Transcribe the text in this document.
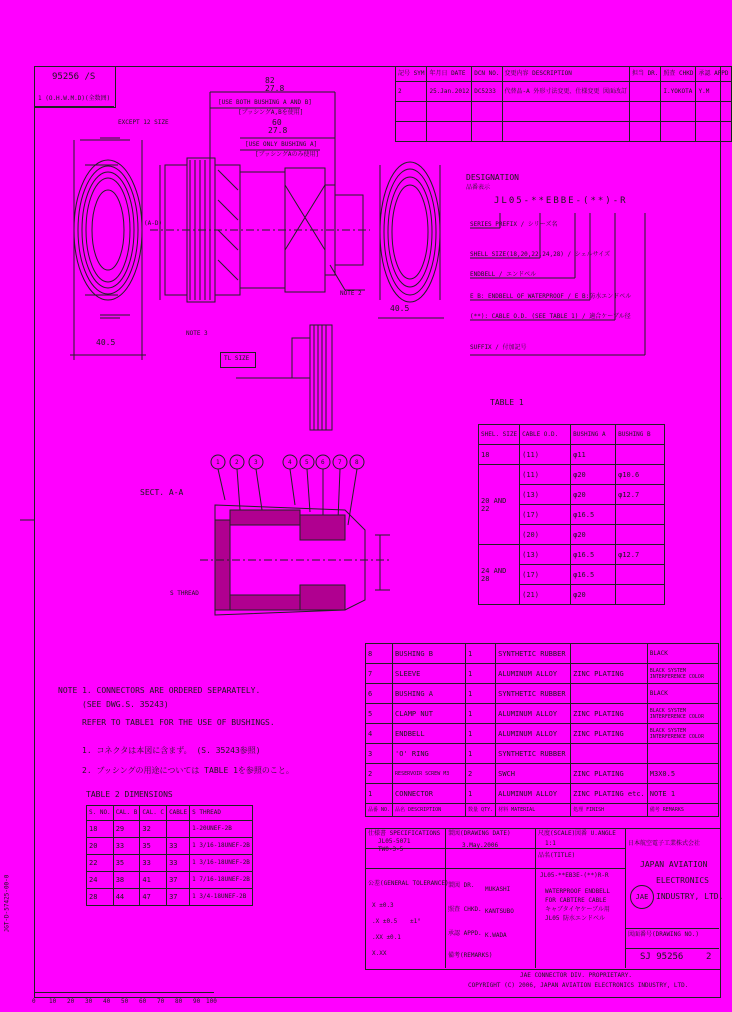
95256 /S
1 (O.H.W.M.D)(全数囲)
記号 SYM	年月日 DATE	DCN NO.	変更内容 DESCRIPTION	担当 DR.	照査 CHKD	承認 APPD
2	25.Jan.2012	DC5233	代替品-A 外形寸法変更、仕様変更 図面改訂		I.YOKOTA	Y.M

82
27.8
[USE BOTH BUSHING A AND B]
[ブッシングA,Bを使用]
60
27.8
[USE ONLY BUSHING A]
[ブッシングAのみ使用]
EXCEPT 12 SIZE
(A-D)
NOTE 3
NOTE 2
40.5
40.5
TL SIZE
SECT. A-A
S THREAD
1	2	3	4 5 6 7 8
DESIGNATION
品番表示
JL05-**EBBE-(**)-R
SERIES PREFIX / シリーズ名
SHELL SIZE(18,20,22,24,28) / シェルサイズ
ENDBELL / エンドベル
E B: ENDBELL OF WATERPROOF / E B:防水エンドベル
(**): CABLE O.D. (SEE TABLE 1) / 適合ケーブル径
SUFFIX / 付加記号
TABLE 1
SHEL. SIZE	CABLE O.D.	BUSHING A	BUSHING B
18	(11)	φ11	
20 AND 22	(11)	φ20	φ10.6
	(13)	φ20	φ12.7
	(17)	φ16.5	
	(20)	φ20	
24 AND 28	(13)	φ16.5	φ12.7
	(17)	φ16.5	
	(21)	φ20	
8	BUSHING B	1	SYNTHETIC RUBBER		BLACK
7	SLEEVE	1	ALUMINUM ALLOY	ZINC PLATING	BLACK SYSTEM INTERFERENCE COLOR
6	BUSHING A	1	SYNTHETIC RUBBER		BLACK
5	CLAMP NUT	1	ALUMINUM ALLOY	ZINC PLATING	BLACK SYSTEM INTERFERENCE COLOR
4	ENDBELL	1	ALUMINUM ALLOY	ZINC PLATING	BLACK SYSTEM INTERFERENCE COLOR
3	'O' RING	1	SYNTHETIC RUBBER		
2	RESERVOIR SCREW M3	2	SWCH	ZINC PLATING	M3X0.5
1	CONNECTOR	1	ALUMINUM ALLOY	ZINC PLATING etc.	NOTE 1
品番 NO.	品名 DESCRIPTION	数量 QTY.	材料 MATERIAL	処理 FINISH	備考 REMARKS
NOTE 1. CONNECTORS ARE ORDERED SEPARATELY.
(SEE DWG.S. 35243)
REFER TO TABLE1 FOR THE USE OF BUSHINGS.
1. コネクタは本図に含まず。 (S. 35243参照)
2. ブッシングの用途については TABLE 1を参照のこと。
TABLE 2 DIMENSIONS
S. NO.	CAL. B	CAL. C	CABLE	S THREAD
18	29	32		1-20UNEF-2B
20	33	35	33	1 3/16-18UNEF-2B
22	35	33	33	1 3/16-18UNEF-2B
24	38	41	37	1 7/16-18UNEF-2B
28	44	47	37	1 3/4-18UNEF-2B
JGT-D-57425-00-0
仕様書 SPECIFICATIONS
JL05-5071
TW0-3-5
製図(DRAWING DATE)
3.May.2006
尺度(SCALE)
1:1
図番 U.ANGLE
品名(TITLE)
JL05-**EB3E-(**)R-R
WATERPROOF ENDBELL
FOR CABTIRE CABLE
キャブタイヤケーブル用
JL05 防水エンドベル
公差(GENERAL TOLERANCE)
X ±0.3
.X ±0.5
.XX ±0.1
X.XX
±1°
製図 DR.
MUKASHI
照査 CHKD. KANTSUBO
承認 APPD. K.WADA
備考(REMARKS)
日本航空電子工業株式会社
JAE
JAPAN AVIATION
ELECTRONICS
INDUSTRY, LTD.
図面番号(DRAWING NO.)
SJ 95256	2
JAE CONNECTOR DIV. PROPRIETARY.
COPYRIGHT (C) 2006, JAPAN AVIATION ELECTRONICS INDUSTRY, LTD.
0 10 20 30 40 50 60 70 80 90 100
